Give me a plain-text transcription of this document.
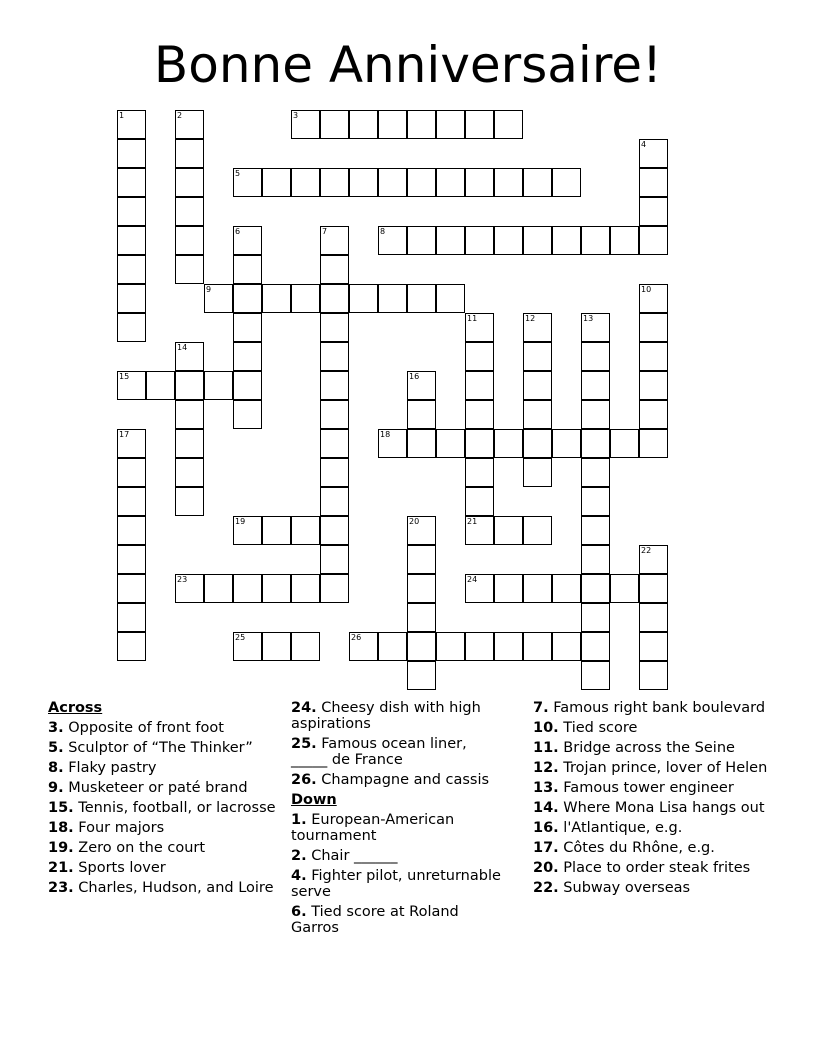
Bonne Anniversaire!
1	2	3
4
5
6	7	8
9	10
11	12	13
14
15	16
17	18
19	20	21
22
23	24
25	26
Across
3. Opposite of front foot
5. Sculptor of “The Thinker”
8. Flaky pastry
9. Musketeer or paté brand
15. Tennis, football, or lacrosse
18. Four majors
19. Zero on the court
21. Sports lover
23. Charles, Hudson, and Loire
24. Cheesy dish with high aspirations
25. Famous ocean liner, _____ de France
26. Champagne and cassis
Down
1. European-American tournament
2. Chair ______
4. Fighter pilot, unreturnable serve
6. Tied score at Roland Garros
7. Famous right bank boulevard
10. Tied score
11. Bridge across the Seine
12. Trojan prince, lover of Helen
13. Famous tower engineer
14. Where Mona Lisa hangs out
16. l'Atlantique, e.g.
17. Côtes du Rhône, e.g.
20. Place to order steak frites
22. Subway overseas
